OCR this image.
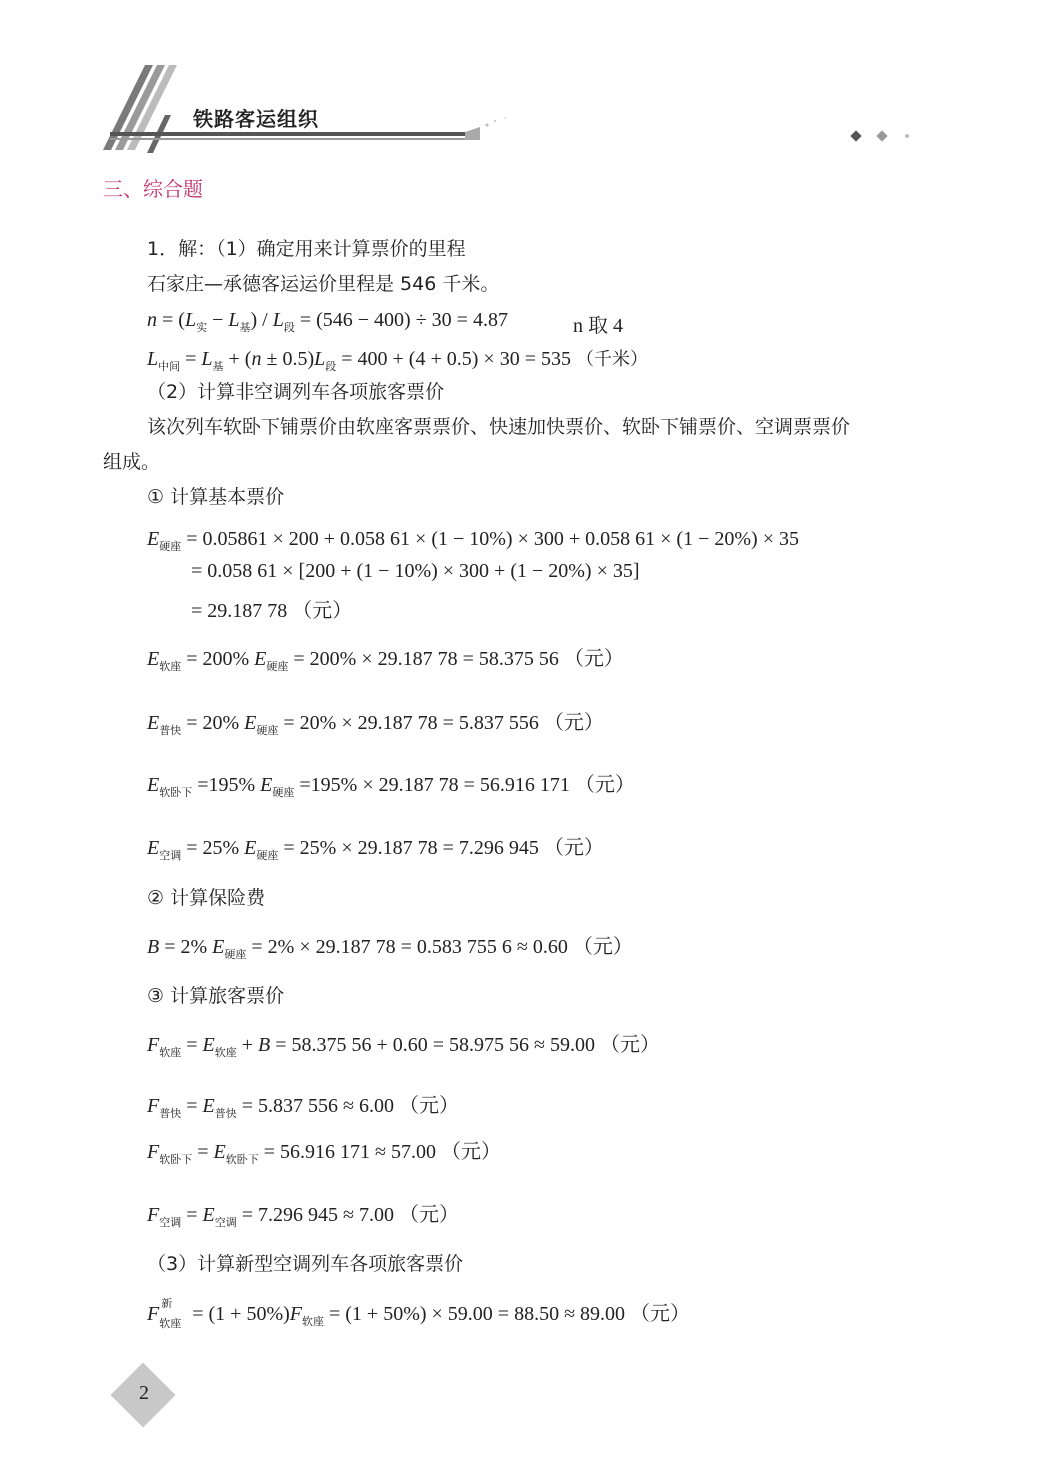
铁路客运组织
三、综合题
1．解：（1）确定用来计算票价的里程
石家庄—承德客运运价里程是 546 千米。
$n = (L_实 - L_基) / L_段 = (546 - 400) \div 30 = 4.87$	n 取 4
$L_{中间} = L_基 + (n \pm 0.5)L_段 = 400 + (4 + 0.5) \times 30 = 535$ （千米）
（2）计算非空调列车各项旅客票价
该次列车软卧下铺票价由软座客票票价、快速加快票价、软卧下铺票价、空调票票价
组成。
① 计算基本票价
$E_{硬座} = 0.05861 \times 200 + 0.058$ 61 × (1 − 10%) × 300 + 0.058 61 × (1 − 20%) × 35
= 0.058 61 × [200 + (1 − 10%) × 300 + (1 − 20%) × 35]
= 29.187 78 （元）
$E_{软座} = 200\%$ $E_{硬座} = 200\% \times 29.187$ 78 = 58.375 56 （元）
$E_{普快} = 20\%$ $E_{硬座} = 20\% \times 29.187$ 78 = 5.837 556 （元）
$E_{软卧下} =195\%$ $E_{硬座} =195\% \times 29.187$ 78 = 56.916 171 （元）
$E_{空调} = 25\%$ $E_{硬座} = 25\% \times 29.187$ 78 = 7.296 945 （元）
② 计算保险费
B = 2% $E_{硬座} = 2\% \times 29.187$ 78 = 0.583 755 6 ≈ 0.60 （元）
③ 计算旅客票价
$F_{软座} = E_{软座} + B = 58.375$ 56 + 0.60 = 58.975 56 ≈ 59.00 （元）
$F_{普快} = E_{普快} = 5.837$ 556 ≈ 6.00 （元）
$F_{软卧下} = E_{软卧下} = 56.916$ 171 ≈ 57.00 （元）
$F_{空调} = E_{空调} = 7.296$ 945 ≈ 7.00 （元）
（3）计算新型空调列车各项旅客票价
F 新
软座 = $(1 + 50\%)F_{软座} = (1 + 50\%) \times 59.00 = 88.50 \approx 89.00$ （元）
2
